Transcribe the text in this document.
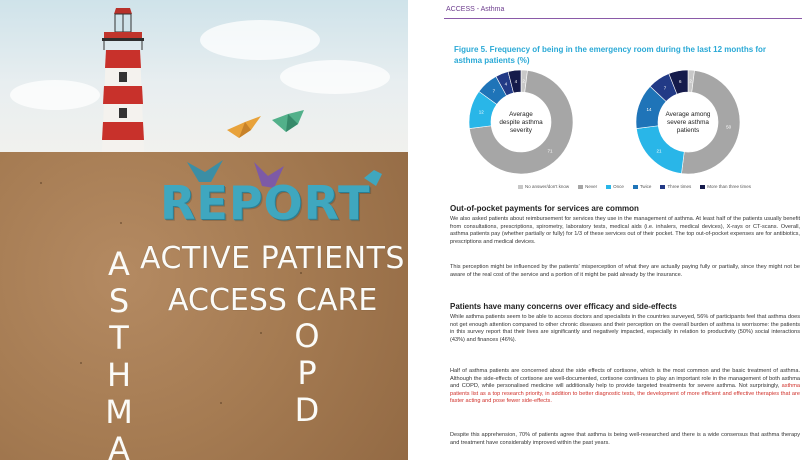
REPORT
ACTIVE PATIENTS
ACCESS CARE
A
S
T
H
M
A
O
P
D
ACCESS - Asthma
Figure 5. Frequency of being in the emergency room during the last 12 months for asthma patients (%)
2
71
12
7
4
4
Average
despite asthma
severity
2
50
21
14
7
6
Average among
severe asthma
patients
No answer/don't know	Never	Once	Twice	Three times	More than three times
Out-of-pocket payments for services are common
We also asked patients about reimbursement for services they use in the management of asthma. At least half of the patients usually benefit from consultations, prescriptions, spirometry, laboratory tests, medical aids (i.e. inhalers, medical devices), X-rays or CT-scans. Overall, asthma patients pay (whether partially or fully) for 1/3 of these services out of their pocket. The top out-of-pocket expenses are for antibiotics, prescriptions and medical devices.
This perception might be influenced by the patients' misperception of what they are actually paying fully or partially, since they might not be aware of the real cost of the service and a portion of it might be paid already by the insurance.
Patients have many concerns over efficacy and side-effects
While asthma patients seem to be able to access doctors and specialists in the countries surveyed, 56% of participants feel that asthma does not get enough attention compared to other chronic diseases and their perception on the overall burden of asthma is worrisome: the patients in this survey report that their lives are significantly and negatively impacted, especially in relation to productivity (50%) social interactions (43%) and finances (46%).
Half of asthma patients are concerned about the side effects of cortisone, which is the most common and the basic treatment of asthma. Although the side-effects of cortisone are well-documented, cortisone continues to play an important role in the management of both asthma and COPD, while personalised medicine will additionally help to provide targeted treatments for severe asthma. Not surprisingly, asthma patients list as a top research priority, in addition to better diagnostic tests, the development of more efficient and effective therapies that are faster acting and pose fewer side-effects.
Despite this apprehension, 70% of patients agree that asthma is being well-researched and there is a wide consensus that asthma therapy and treatment have considerably improved within the past years.
